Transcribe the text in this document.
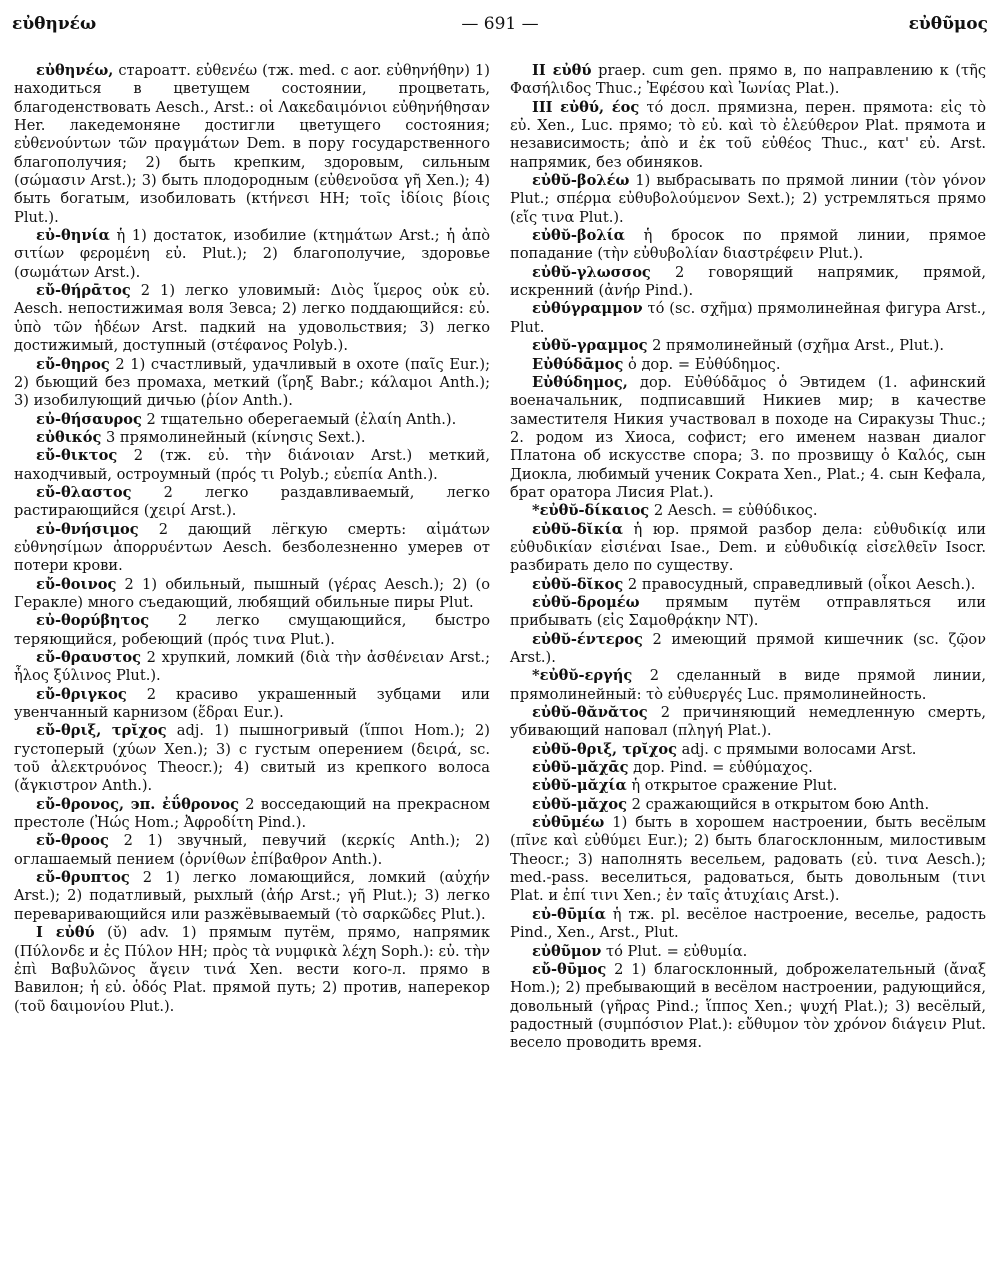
εὐθηνέω	— 691 —	εὐθῦμος

εὐθηνέω, староатт. εὐθενέω (тж. med. с aor. εὐθηνήθην) 1) находиться в цветущем состоянии, процветать, благоденствовать Aesch., Arst.: οἱ Λακεδαιμόνιοι εὐθηνήθησαν Her. лакедемоняне достигли цветущего состояния; εὐθενούντων τῶν πραγμάτων Dem. в пору государственного благополучия; 2) быть крепким, здоровым, сильным (σώμασιν Arst.); 3) быть плодородным (εὐθενοῦσα γῆ Xen.); 4) быть богатым, изобиловать (κτήνεσι HH; τοῖς ἰδίοις βίοις Plut.).

εὐ-θηνία ἡ 1) достаток, изобилие (κτημάτων Arst.; ἡ ἀπὸ σιτίων φερομένη εὐ. Plut.); 2) благополучие, здоровье (σωμάτων Arst.).

εὔ-θήρᾱτος 2 1) легко уловимый: Διὸς ἵμερος οὐκ εὐ. Aesch. непостижимая воля Зевса; 2) легко поддающийся: εὐ. ὑπὸ τῶν ἡδέων Arst. падкий на удовольствия; 3) легко достижимый, доступный (στέφανος Polyb.).

εὔ-θηρος 2 1) счастливый, удачливый в охоте (παῖς Eur.); 2) бьющий без промаха, меткий (ἴρηξ Babr.; κάλαμοι Anth.); 3) изобилующий дичью (ῥίον Anth.).

εὐ-θήσαυρος 2 тщательно оберегаемый (ἐλαίη Anth.).

εὐθικός 3 прямолинейный (κίνησις Sext.).

εὔ-θικτος 2 (тж. εὐ. τὴν διάνοιαν Arst.) меткий, находчивый, остроумный (πρός τι Polyb.; εὐεπία Anth.).

εὔ-θλαστος 2 легко раздавливаемый, легко растирающийся (χειρί Arst.).

εὐ-θνήσιμος 2 дающий лёгкую смерть: αἱμάτων εὐθνησίμων ἀπορρυέντων Aesch. безболезненно умерев от потери крови.

εὔ-θοινος 2 1) обильный, пышный (γέρας Aesch.); 2) (о Геракле) много съедающий, любящий обильные пиры Plut.

εὐ-θορύβητος 2 легко смущающийся, быстро теряющийся, робеющий (πρός τινα Plut.).

εὔ-θραυστος 2 хрупкий, ломкий (διὰ τὴν ἀσθένειαν Arst.; ἧλος ξύλινος Plut.).

εὔ-θριγκος 2 красиво украшенный зубцами или увенчанный карнизом (ἕδραι Eur.).

εὔ-θριξ, τρῐχος adj. 1) пышногривый (ἵπποι Hom.); 2) густоперый (χύων Xen.); 3) с густым оперением (δειρά, sc. τοῦ ἀλεκτρυόνος Theocr.); 4) свитый из крепкого волоса (ἄγκιστρον Anth.).

εὔ-θρονος, эп. ἐΰθρονος 2 восседающий на прекрасном престоле (Ἠώς Hom.; Ἀφροδίτη Pind.).

εὔ-θροος 2 1) звучный, певучий (κερκίς Anth.); 2) оглашаемый пением (ὀρνίθων ἐπίβαθρον Anth.).

εὔ-θρυπτος 2 1) легко ломающийся, ломкий (αὐχήν Arst.); 2) податливый, рыхлый (ἀήρ Arst.; γῆ Plut.); 3) легко переваривающийся или разжёвываемый (τὸ σαρκῶδες Plut.).

I εὐθύ (ῠ) adv. 1) прямым путём, прямо, напрямик (Πύλονδε и ἐς Πύλον HH; πρὸς τὰ νυμφικὰ λέχη Soph.): εὐ. τὴν ἐπὶ Βαβυλῶνος ἄγειν τινά Xen. вести кого-л. прямо в Вавилон; ἡ εὐ. ὁδός Plat. прямой путь; 2) против, наперекор (τοῦ δαιμονίου Plut.).

II εὐθύ praep. cum gen. прямо в, по направлению к (τῆς Φασήλιδος Thuc.; Ἐφέσου καὶ Ἰωνίας Plat.).

III εὐθύ, έος τό досл. прямизна, перен. прямота: εἰς τὸ εὐ. Xen., Luc. прямо; τὸ εὐ. καὶ τὸ ἐλεύθερον Plat. прямота и независимость; ἀπὸ и ἐκ τοῦ εὐθέος Thuc., κατ' εὐ. Arst. напрямик, без обиняков.

εὐθῠ-βολέω 1) выбрасывать по прямой линии (τὸν γόνον Plut.; σπέρμα εὐθυβολούμενον Sext.); 2) устремляться прямо (εἴς τινα Plut.).

εὐθῠ-βολία ἡ бросок по прямой линии, прямое попадание (τὴν εὐθυβολίαν διαστρέφειν Plut.).

εὐθῠ-γλωσσος 2 говорящий напрямик, прямой, искренний (ἀνήρ Pind.).

εὐθύγραμμον τό (sc. σχῆμα) прямолинейная фигура Arst., Plut.

εὐθῠ-γραμμος 2 прямолинейный (σχῆμα Arst., Plut.).

Εὐθύδᾱμος ὁ дор. = Εὐθύδημος.

Εὐθύδημος, дор. Εὐθύδᾱμος ὁ Эвтидем (1. афинский военачальник, подписавший Никиев мир; в качестве заместителя Никия участвовал в походе на Сиракузы Thuc.; 2. родом из Хиоса, софист; его именем назван диалог Платона об искусстве спора; 3. по прозвищу ὁ Καλός, сын Диокла, любимый ученик Сократа Xen., Plat.; 4. сын Кефала, брат оратора Лисия Plat.).

*εὐθῠ-δίκαιος 2 Aesch. = εὐθύδικος.

εὐθῠ-δῐκία ἡ юр. прямой разбор дела: εὐθυδικίᾳ или εὐθυδικίαν εἰσιέναι Isae., Dem. и εὐθυδικίᾳ εἰσελθεῖν Isocr. разбирать дело по существу.

εὐθῠ-δῐκος 2 правосудный, справедливый (οἶκοι Aesch.).

εὐθῠ-δρομέω прямым путём отправляться или прибывать (εἰς Σαμοθρᾴκην NT).

εὐθῠ-έντερος 2 имеющий прямой кишечник (sc. ζῷον Arst.).

*εὐθῠ-εργής 2 сделанный в виде прямой линии, прямолинейный: τὸ εὐθυεργές Luc. прямолинейность.

εὐθῠ-θᾰνᾰτος 2 причиняющий немедленную смерть, убивающий наповал (πληγή Plat.).

εὐθῠ-θριξ, τρῐχος adj. с прямыми волосами Arst.

εὐθῠ-μᾰχᾱς дор. Pind. = εὐθύμαχος.

εὐθῠ-μᾰχία ἡ открытое сражение Plut.

εὐθῠ-μᾰχος 2 сражающийся в открытом бою Anth.

εὐθῡμέω 1) быть в хорошем настроении, быть весёлым (πῖνε καὶ εὐθύμει Eur.); 2) быть благосклонным, милостивым Theocr.; 3) наполнять весельем, радовать (εὐ. τινα Aesch.); med.-pass. веселиться, радоваться, быть довольным (τινι Plat. и ἐπί τινι Xen.; ἐν ταῖς ἀτυχίαις Arst.).

εὐ-θῡμία ἡ тж. pl. весёлое настроение, веселье, радость Pind., Xen., Arst., Plut.

εὐθῦμον τό Plut. = εὐθυμία.

εὔ-θῡμος 2 1) благосклонный, доброжелательный (ἄναξ Hom.); 2) пребывающий в весёлом настроении, радующийся, довольный (γῆρας Pind.; ἵππος Xen.; ψυχή Plat.); 3) весёлый, радостный (συμπόσιον Plat.): εὔθυμον τὸν χρόνον διάγειν Plut. весело проводить время.
